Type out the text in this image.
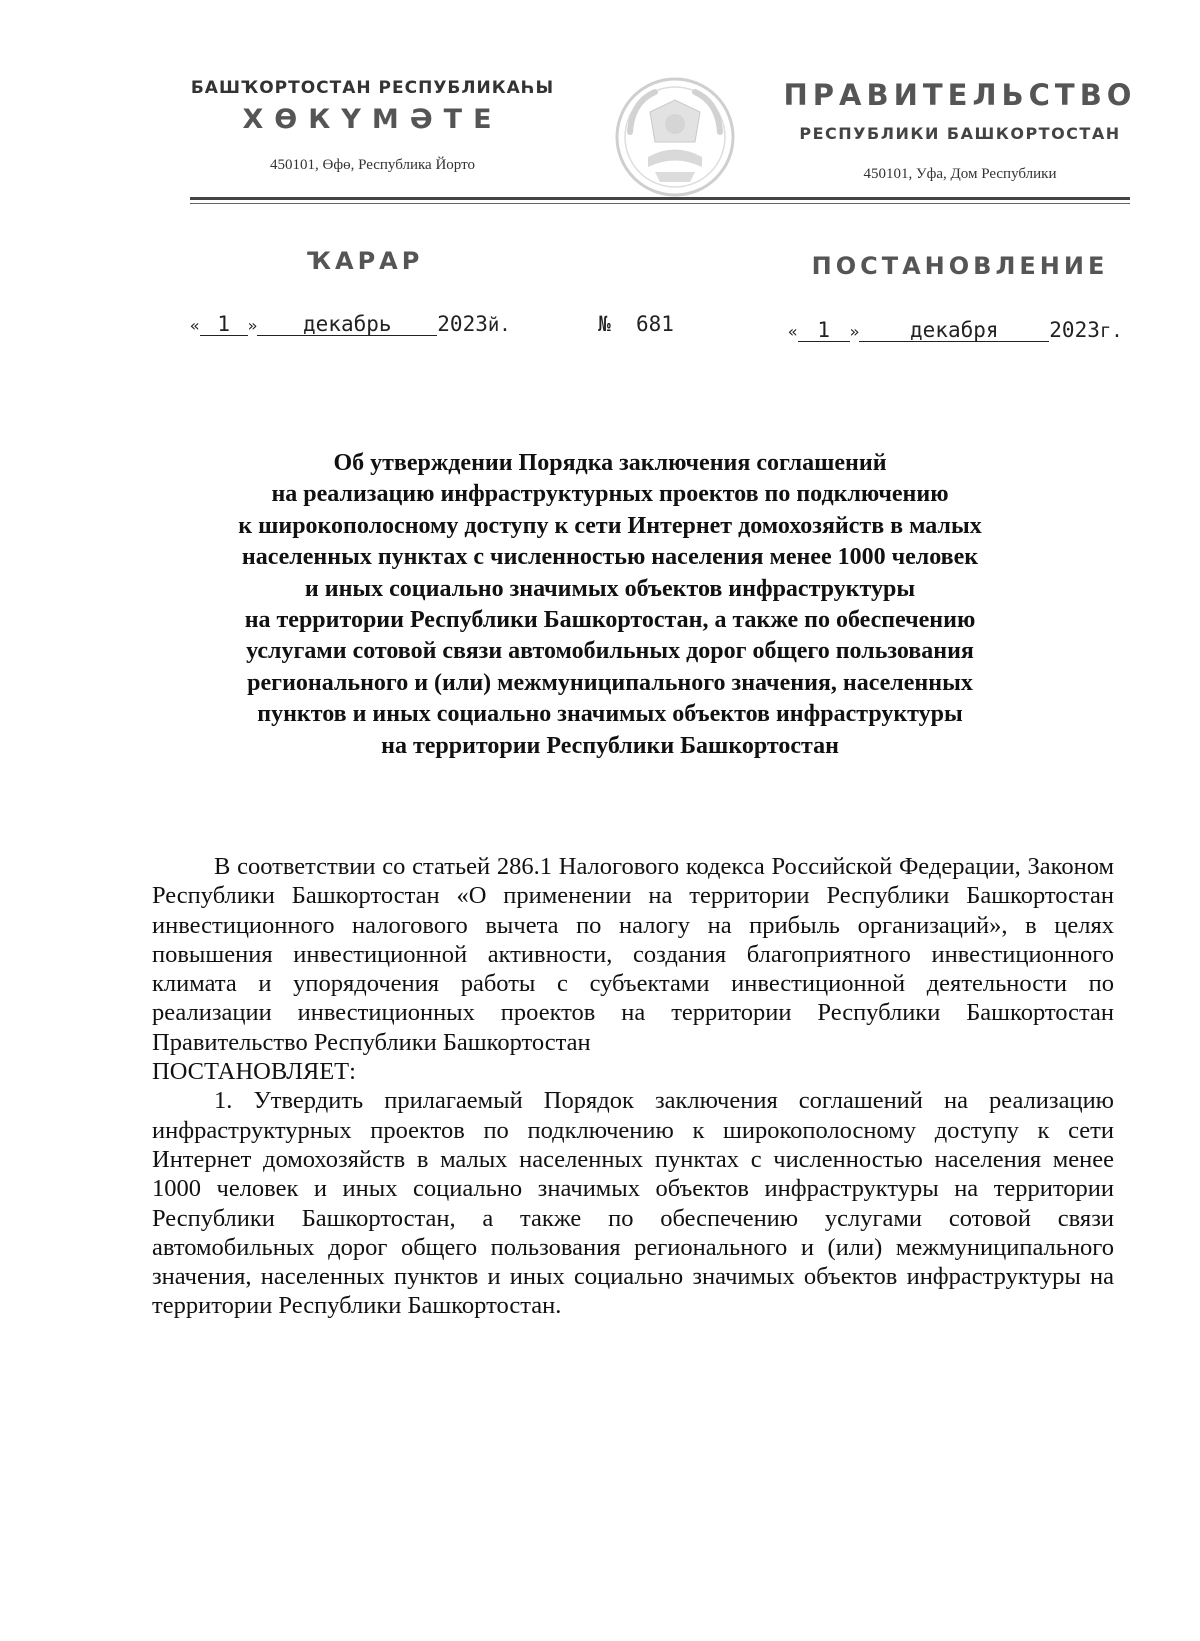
БАШҠОРТОСТАН РЕСПУБЛИКАҺЫ
ХӨКҮМӘТЕ
450101, Өфө, Республика Йорто
ПРАВИТЕЛЬСТВО
РЕСПУБЛИКИ БАШКОРТОСТАН
450101, Уфа, Дом Республики
ҠАРАР	ПОСТАНОВЛЕНИЕ
« 1 » декабрь 2023й.	№ 681	« 1 » декабря 2023г.
Об утверждении Порядка заключения соглашений
на реализацию инфраструктурных проектов по подключению
к широкополосному доступу к сети Интернет домохозяйств в малых
населенных пунктах с численностью населения менее 1000 человек
и иных социально значимых объектов инфраструктуры
на территории Республики Башкортостан, а также по обеспечению
услугами сотовой связи автомобильных дорог общего пользования
регионального и (или) межмуниципального значения, населенных
пунктов и иных социально значимых объектов инфраструктуры
на территории Республики Башкортостан

В соответствии со статьей 286.1 Налогового кодекса Российской Федерации, Законом Республики Башкортостан «О применении на территории Республики Башкортостан инвестиционного налогового вычета по налогу на прибыль организаций», в целях повышения инвестиционной активности, создания благоприятного инвестиционного климата и упорядочения работы с субъектами инвестиционной деятельности по реализации инвестиционных проектов на территории Республики Башкортостан Правительство Республики Башкортостан

ПОСТАНОВЛЯЕТ:

1. Утвердить прилагаемый Порядок заключения соглашений на реализацию инфраструктурных проектов по подключению к широкополосному доступу к сети Интернет домохозяйств в малых населенных пунктах с численностью населения менее 1000 человек и иных социально значимых объектов инфраструктуры на территории Республики Башкортостан, а также по обеспечению услугами сотовой связи автомобильных дорог общего пользования регионального и (или) межмуниципального значения, населенных пунктов и иных социально значимых объектов инфраструктуры на территории Республики Башкортостан.
